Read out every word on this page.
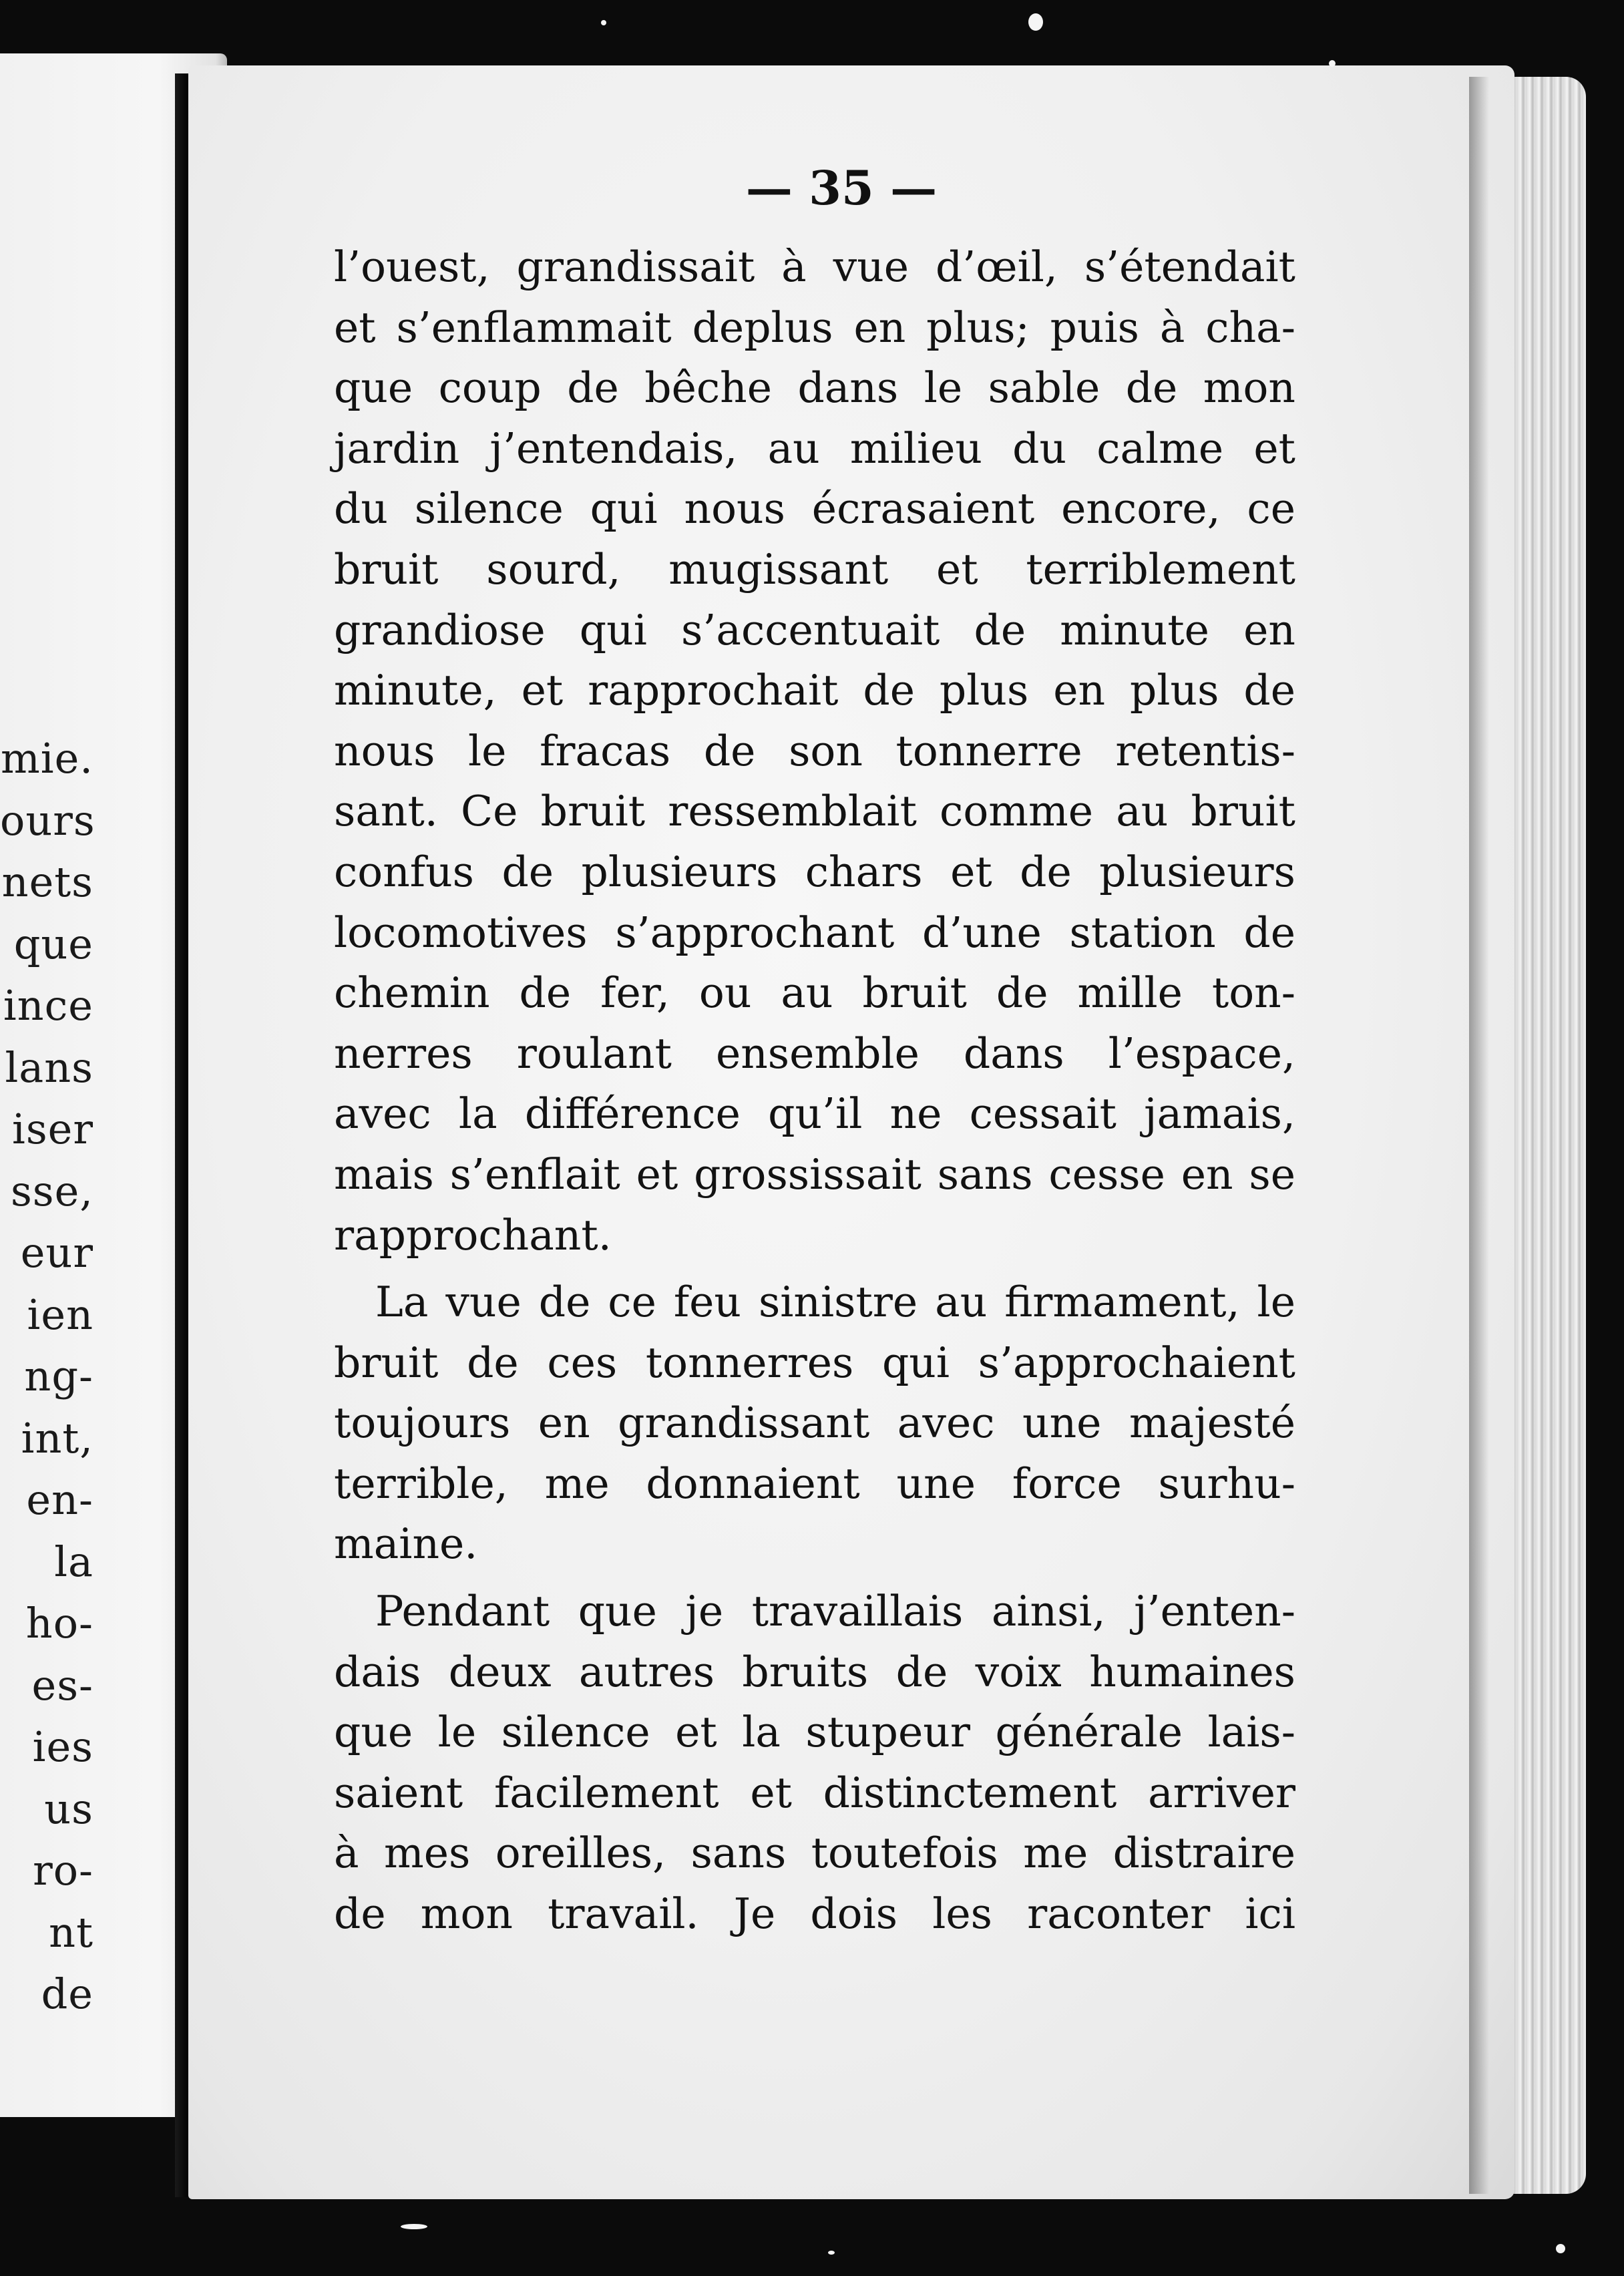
mie.
ours
nets
que
ince
lans
iser
sse,
eur
ien
ng-
int,
en-
la
ho-
es-
ies
us
ro-
nt
de
— 35 —
l’ouest, grandissait à vue d’œil, s’étendait
et s’enflammait deplus en plus; puis à cha-
que coup de bêche dans le sable de mon
jardin j’entendais, au milieu du calme et
du silence qui nous écrasaient encore, ce
bruit sourd, mugissant et terriblement
grandiose qui s’accentuait de minute en
minute, et rapprochait de plus en plus de
nous le fracas de son tonnerre retentis-
sant. Ce bruit ressemblait comme au bruit
confus de plusieurs chars et de plusieurs
locomotives s’approchant d’une station de
chemin de fer, ou au bruit de mille ton-
nerres roulant ensemble dans l’espace,
avec la différence qu’il ne cessait jamais,
mais s’enflait et grossissait sans cesse en se
rapprochant.
La vue de ce feu sinistre au firmament, le
bruit de ces tonnerres qui s’approchaient
toujours en grandissant avec une majesté
terrible, me donnaient une force surhu-
maine.
Pendant que je travaillais ainsi, j’enten-
dais deux autres bruits de voix humaines
que le silence et la stupeur générale lais-
saient facilement et distinctement arriver
à mes oreilles, sans toutefois me distraire
de mon travail. Je dois les raconter ici
